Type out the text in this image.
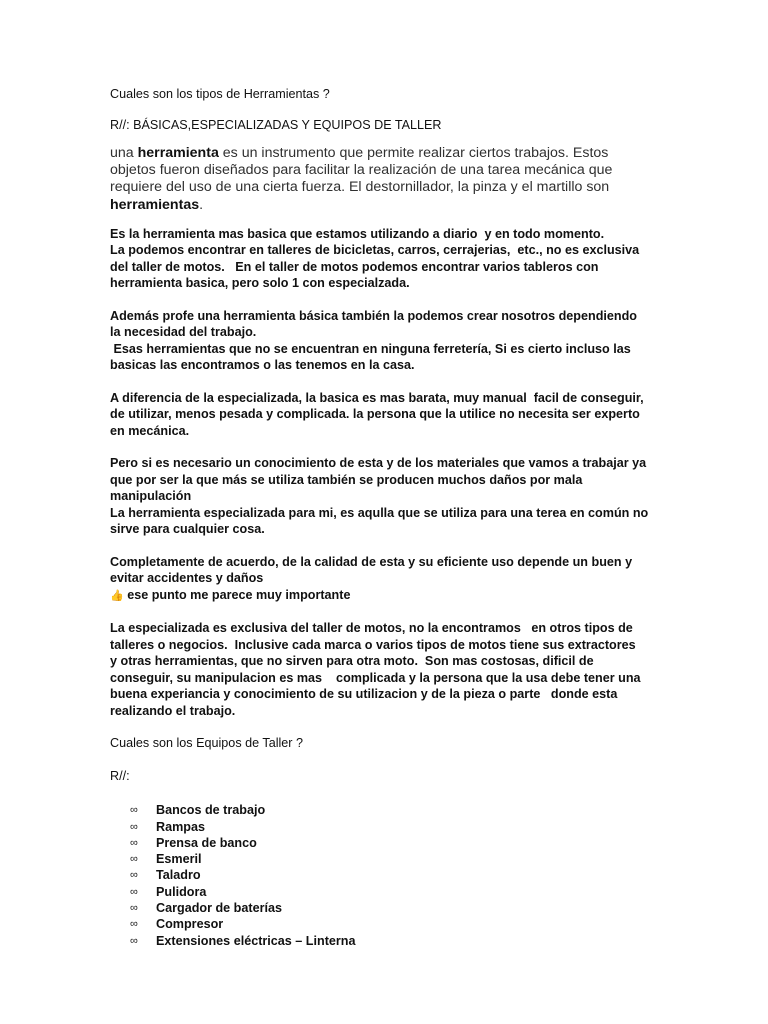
Cuales son los tipos de Herramientas ?

R//: BÁSICAS,ESPECIALIZADAS Y EQUIPOS DE TALLER

una herramienta es un instrumento que permite realizar ciertos trabajos. Estos objetos fueron diseñados para facilitar la realización de una tarea mecánica que requiere del uso de una cierta fuerza. El destornillador, la pinza y el martillo son herramientas.

Es la herramienta mas basica que estamos utilizando a diario  y en todo momento.
La podemos encontrar en talleres de bicicletas, carros, cerrajerias,  etc., no es exclusiva del taller de motos.   En el taller de motos podemos encontrar varios tableros con herramienta basica, pero solo 1 con especialzada.

Además profe una herramienta básica también la podemos crear nosotros dependiendo la necesidad del trabajo.
Esas herramientas que no se encuentran en ninguna ferretería, Si es cierto incluso las basicas las encontramos o las tenemos en la casa.

A diferencia de la especializada, la basica es mas barata, muy manual  facil de conseguir, de utilizar, menos pesada y complicada. la persona que la utilice no necesita ser experto en mecánica.

Pero si es necesario un conocimiento de esta y de los materiales que vamos a trabajar ya que por ser la que más se utiliza también se producen muchos daños por mala manipulación
La herramienta especializada para mi, es aqulla que se utiliza para una terea en común no sirve para cualquier cosa.

Completamente de acuerdo, de la calidad de esta y su eficiente uso depende un buen y evitar accidentes y daños

👍 ese punto me parece muy importante

La especializada es exclusiva del taller de motos, no la encontramos   en otros tipos de talleres o negocios.  Inclusive cada marca o varios tipos de motos tiene sus extractores    y otras herramientas, que no sirven para otra moto.  Son mas costosas, dificil de conseguir, su manipulacion es mas    complicada y la persona que la usa debe tener una buena experiancia y conocimiento de su utilizacion y de la pieza o parte   donde esta realizando el trabajo.

Cuales son los Equipos de Taller ?

R//:

∞	Bancos de trabajo
∞	Rampas
∞	Prensa de banco
∞	Esmeril
∞	Taladro
∞	Pulidora
∞	Cargador de baterías
∞	Compresor
∞	Extensiones eléctricas – Linterna
